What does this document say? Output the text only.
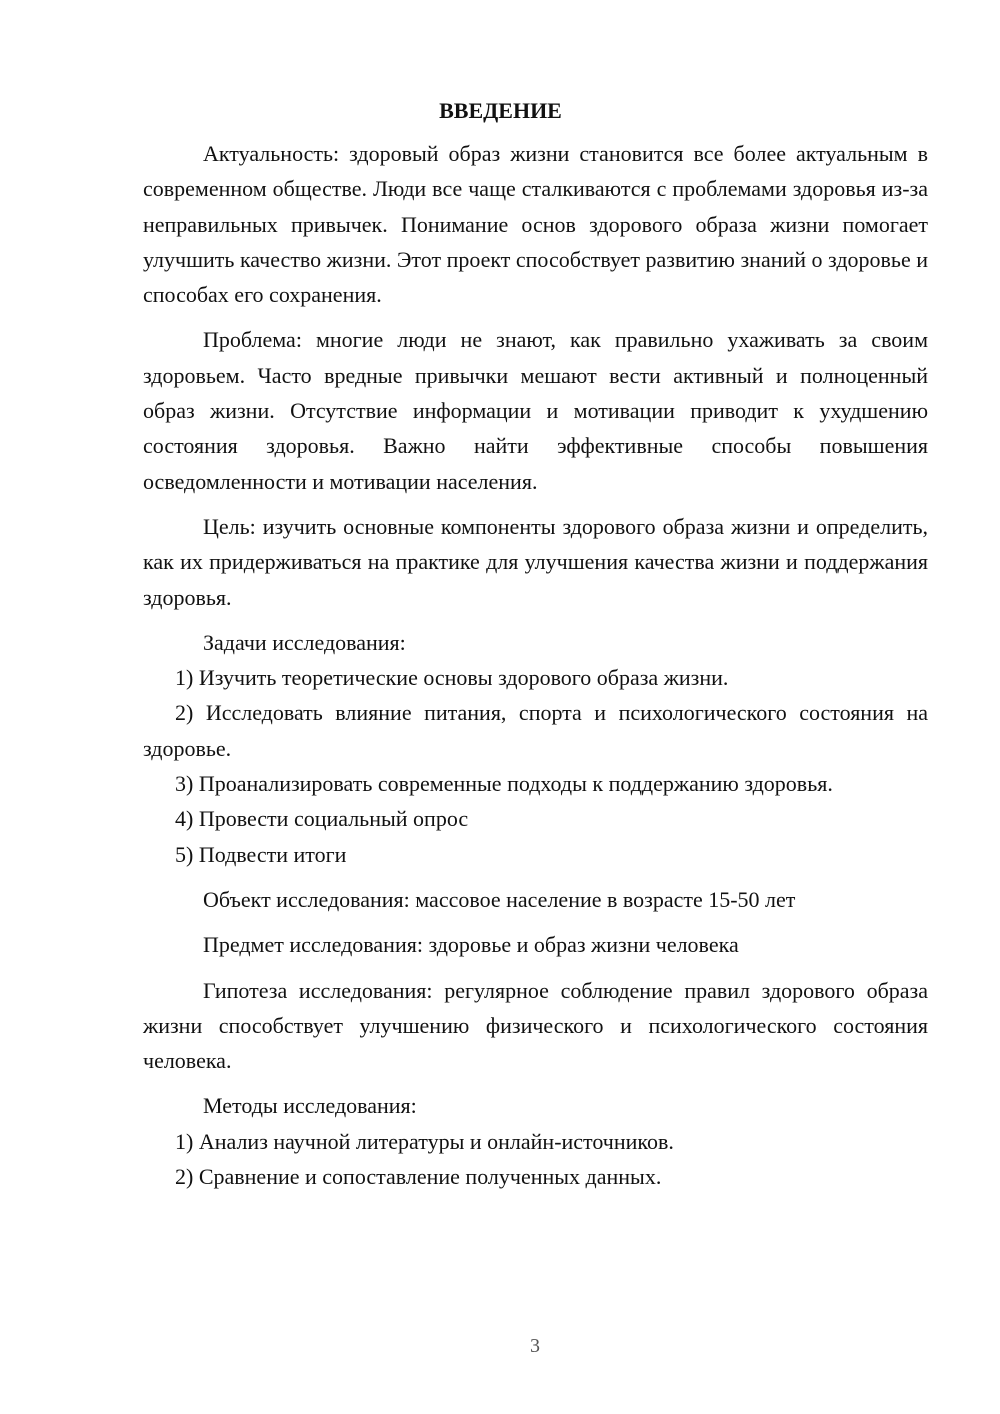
ВВЕДЕНИЕ

Актуальность: здоровый образ жизни становится все более актуальным в современном обществе. Люди все чаще сталкиваются с проблемами здоровья из-за неправильных привычек. Понимание основ здорового образа жизни помогает улучшить качество жизни. Этот проект способствует развитию знаний о здоровье и способах его сохранения.

Проблема: многие люди не знают, как правильно ухаживать за своим здоровьем. Часто вредные привычки мешают вести активный и полноценный образ жизни. Отсутствие информации и мотивации приводит к ухудшению состояния здоровья. Важно найти эффективные способы повышения осведомленности и мотивации населения.

Цель: изучить основные компоненты здорового образа жизни и определить, как их придерживаться на практике для улучшения качества жизни и поддержания здоровья.

Задачи исследования:

1) Изучить теоретические основы здорового образа жизни.

2) Исследовать влияние питания, спорта и психологического состояния на здоровье.

3) Проанализировать современные подходы к поддержанию здоровья.

4) Провести социальный опрос

5) Подвести итоги

Объект исследования: массовое население в возрасте 15-50 лет

Предмет исследования: здоровье и образ жизни человека

Гипотеза исследования: регулярное соблюдение правил здорового образа жизни способствует улучшению физического и психологического состояния человека.

Методы исследования:

1) Анализ научной литературы и онлайн-источников.

2) Сравнение и сопоставление полученных данных.

3
